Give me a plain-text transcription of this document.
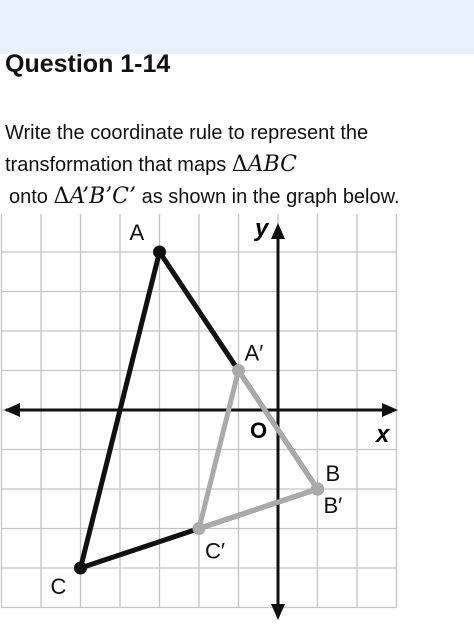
Question 1-14
Write the coordinate rule to represent the
transformation that maps ΔABC
onto ΔA’B’C’ as shown in the graph below.
x
y
O
A
B
C
A′
B′
C′
